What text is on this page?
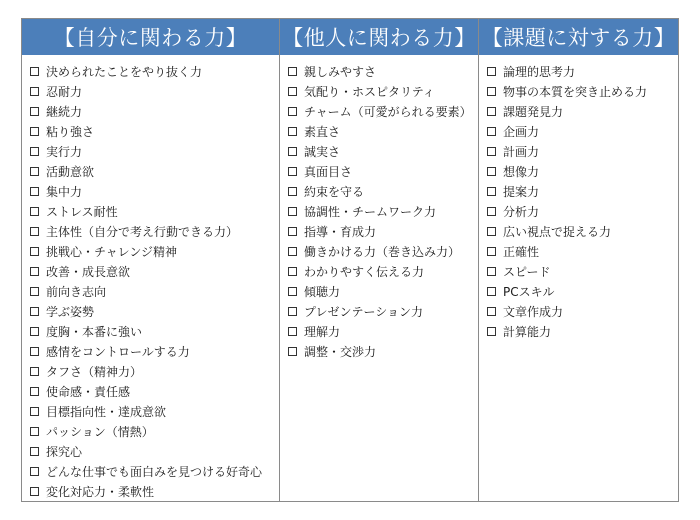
【自分に関わる力】	【他人に関わる力】 【課題に対する力】
決められたことをやり抜く力
忍耐力
継続力
粘り強さ
実行力
活動意欲
集中力
ストレス耐性
主体性（自分で考え行動できる力）
挑戦心・チャレンジ精神
改善・成長意欲
前向き志向
学ぶ姿勢
度胸・本番に強い
感情をコントロールする力
タフさ（精神力）
使命感・責任感
目標指向性・達成意欲
パッション（情熱）
探究心
どんな仕事でも面白みを見つける好奇心
変化対応力・柔軟性
親しみやすさ
気配り・ホスピタリティ
チャーム（可愛がられる要素）
素直さ
誠実さ
真面目さ
約束を守る
協調性・チームワーク力
指導・育成力
働きかける力（巻き込み力）
わかりやすく伝える力
傾聴力
プレゼンテーション力
理解力
調整・交渉力
論理的思考力
物事の本質を突き止める力
課題発見力
企画力
計画力
想像力
提案力
分析力
広い視点で捉える力
正確性
スピード
PCスキル
文章作成力
計算能力
